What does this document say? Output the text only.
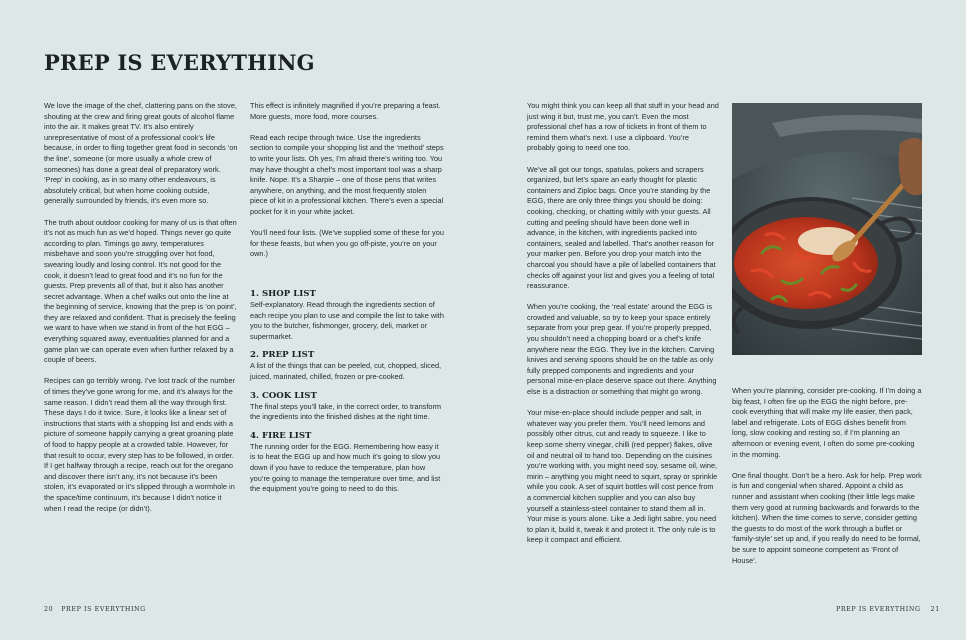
PREP IS EVERYTHING

We love the image of the chef, clattering pans on the stove, shouting at the crew and firing great gouts of alcohol flame into the air. It makes great TV. It’s also entirely unrepresentative of most of a professional cook’s life because, in order to fling together great food in seconds ‘on the line’, someone (or more usually a whole crew of someones) has done a great deal of preparatory work. ‘Prep’ in cooking, as in so many other endeavours, is absolutely critical, but when home cooking outside, generally surrounded by friends, it’s even more so.

The truth about outdoor cooking for many of us is that often it’s not as much fun as we’d hoped. Things never go quite according to plan. Timings go awry, temperatures misbehave and soon you’re struggling over hot food, swearing loudly and losing control. It’s not good for the cook, it doesn’t lead to great food and it’s no fun for the guests. Prep prevents all of that, but it also has another secret advantage. When a chef walks out onto the line at the beginning of service, knowing that the prep is ‘on point’, they are relaxed and confident. That is precisely the feeling we want to have when we stand in front of the hot EGG – everything squared away, eventualities planned for and a game plan we can operate even when further relaxed by a couple of beers.

Recipes can go terribly wrong. I’ve lost track of the number of times they’ve gone wrong for me, and it’s always for the same reason. I didn’t read them all the way through first. These days I do it twice. Sure, it looks like a linear set of instructions that starts with a shopping list and ends with a picture of someone happily carrying a great groaning plate of food to happy people at a crowded table. However, for that result to occur, every step has to be followed, in order. If I get halfway through a recipe, reach out for the oregano and discover there isn’t any, it’s not because it’s been stolen, it’s evaporated or it’s slipped through a wormhole in the space/time continuum, it’s because I didn’t notice it when I read the recipe (or didn’t).

This effect is infinitely magnified if you’re preparing a feast. More guests, more food, more courses.

Read each recipe through twice. Use the ingredients section to compile your shopping list and the ‘method’ steps to write your lists. Oh yes, I’m afraid there’s writing too. You may have thought a chef’s most important tool was a sharp knife. Nope. It’s a Sharpie – one of those pens that writes anywhere, on anything, and the most frequently stolen piece of kit in a professional kitchen. There’s even a special pocket for it in your white jacket.

You’ll need four lists. (We’ve supplied some of these for you for these feasts, but when you go off-piste, you’re on your own.)

1. SHOP LIST
Self-explanatory. Read through the ingredients section of each recipe you plan to use and compile the list to take with you to the butcher, fishmonger, grocery, deli, market or supermarket.
2. PREP LIST
A list of the things that can be peeled, cut, chopped, sliced, juiced, marinated, chilled, frozen or pre-cooked.
3. COOK LIST
The final steps you’ll take, in the correct order, to transform the ingredients into the finished dishes at the right time.
4. FIRE LIST
The running order for the EGG. Remembering how easy it is to heat the EGG up and how much it’s going to slow you down if you have to reduce the temperature, plan how you’re going to manage the temperature over time, and list the equipment you’re going to need to do this.

You might think you can keep all that stuff in your head and just wing it but, trust me, you can’t. Even the most professional chef has a row of tickets in front of them to remind them what’s next. I use a clipboard. You’re probably going to need one too.

We’ve all got our tongs, spatulas, pokers and scrapers organized, but let’s spare an early thought for plastic containers and Ziploc bags. Once you’re standing by the EGG, there are only three things you should be doing: cooking, checking, or chatting wittily with your guests. All cutting and peeling should have been done well in advance, in the kitchen, with ingredients packed into containers, sealed and labelled. That’s another reason for your marker pen. Before you drop your match into the charcoal you should have a pile of labelled containers that checks off against your list and gives you a feeling of total reassurance.

When you’re cooking, the ‘real estate’ around the EGG is crowded and valuable, so try to keep your space entirely separate from your prep gear. If you’re properly prepped, you shouldn’t need a chopping board or a chef’s knife anywhere near the EGG. They live in the kitchen. Carving knives and serving spoons should be on the table as only fully prepped components and ingredients and your personal mise-en-place deserve space out there. Anything else is a distraction or something that might go wrong.

Your mise-en-place should include pepper and salt, in whatever way you prefer them. You’ll need lemons and possibly other citrus, cut and ready to squeeze. I like to keep some sherry vinegar, chilli (red pepper) flakes, olive oil and neutral oil to hand too. Depending on the cuisines you’re working with, you might need soy, sesame oil, wine, mirin – anything you might need to squirt, spray or sprinkle while you cook. A set of squirt bottles will cost pence from a commercial kitchen supplier and you can also buy yourself a stainless-steel container to stand them all in. Your mise is yours alone. Like a Jedi light sabre, you need to plan it, build it, tweak it and protect it. The only rule is to keep it compact and efficient.

When you’re planning, consider pre-cooking. If I’m doing a big feast, I often fire up the EGG the night before, pre-cook everything that will make my life easier, then pack, label and refrigerate. Lots of EGG dishes benefit from long, slow cooking and resting so, if I’m planning an afternoon or evening event, I often do some pre-cooking in the morning.

One final thought. Don’t be a hero. Ask for help. Prep work is fun and congenial when shared. Appoint a child as runner and assistant when cooking (their little legs make them very good at running backwards and forwards to the kitchen). When the time comes to serve, consider getting the guests to do most of the work through a buffet or ‘family-style’ set up and, if you really do need to be formal, be sure to appoint someone competent as ‘Front of House’.

20 PREP IS EVERYTHING	PREP IS EVERYTHING 21
